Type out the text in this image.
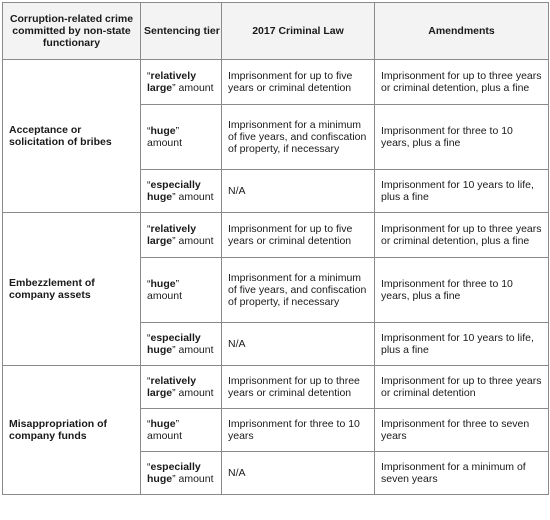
Corruption-related crime committed by non-state functionary	Sentencing tier	2017 Criminal Law	Amendments
Acceptance or solicitation of bribes	“relatively large” amount	Imprisonment for up to five years or criminal detention	Imprisonment for up to three years or criminal detention, plus a fine
	“huge” amount	Imprisonment for a minimum of five years, and confiscation of property, if necessary	Imprisonment for three to 10 years, plus a fine
	“especially huge” amount	N/A	Imprisonment for 10 years to life, plus a fine
Embezzlement of company assets	“relatively large” amount	Imprisonment for up to five years or criminal detention	Imprisonment for up to three years or criminal detention, plus a fine
	“huge” amount	Imprisonment for a minimum of five years, and confiscation of property, if necessary	Imprisonment for three to 10 years, plus a fine
	“especially huge” amount	N/A	Imprisonment for 10 years to life, plus a fine
Misappropriation of company funds	“relatively large” amount	Imprisonment for up to three years or criminal detention	Imprisonment for up to three years or criminal detention
	“huge” amount	Imprisonment for three to 10 years	Imprisonment for three to seven years
	“especially huge” amount	N/A	Imprisonment for a minimum of seven years
